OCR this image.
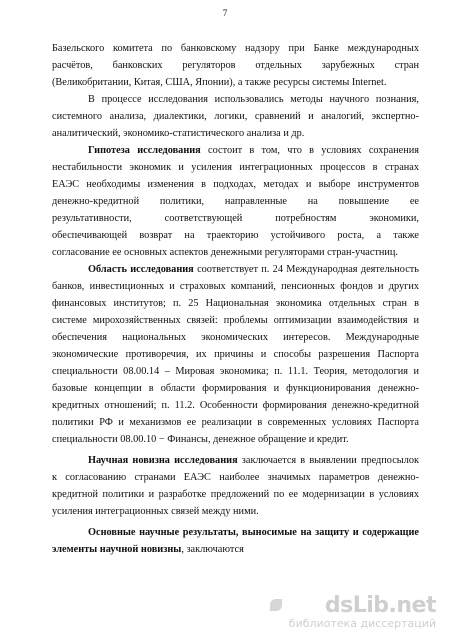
7
Базельского комитета по банковскому надзору при Банке международных
расчётов, банковских регуляторов отдельных зарубежных стран
(Великобритании, Китая, США, Японии), а также ресурсы системы Internet.
В процессе исследования использовались методы научного познания,
системного анализа, диалектики, логики, сравнений и аналогий, экспертно-
аналитический, экономико-статистического анализа и др.
Гипотеза исследования состоит в том, что в условиях сохранения
нестабильности экономик и усиления интеграционных процессов в странах
ЕАЭС необходимы изменения в подходах, методах и выборе инструментов
денежно-кредитной политики, направленные на повышение ее
результативности, соответствующей потребностям экономики,
обеспечивающей возврат на траекторию устойчивого роста, а также
согласование ее основных аспектов денежными регуляторами стран-участниц.
Область исследования соответствует п. 24 Международная деятельность
банков, инвестиционных и страховых компаний, пенсионных фондов и других
финансовых институтов; п. 25 Национальная экономика отдельных стран в
системе мирохозяйственных связей: проблемы оптимизации взаимодействия и
обеспечения национальных экономических интересов. Международные
экономические противоречия, их причины и способы разрешения Паспорта
специальности 08.00.14 – Мировая экономика; п. 11.1. Теория, методология и
базовые концепции в области формирования и функционирования денежно-
кредитных отношений; п. 11.2. Особенности формирования денежно-кредитной
политики РФ и механизмов ее реализации в современных условиях Паспорта
специальности 08.00.10 − Финансы, денежное обращение и кредит.
Научная новизна исследования заключается в выявлении предпосылок
к согласованию странами ЕАЭС наиболее значимых параметров денежно-
кредитной политики и разработке предложений по ее модернизации в условиях
усиления интеграционных связей между ними.
Основные научные результаты, выносимые на защиту и содержащие
элементы научной новизны, заключаются
dsLib.net
библиотека диссертаций
